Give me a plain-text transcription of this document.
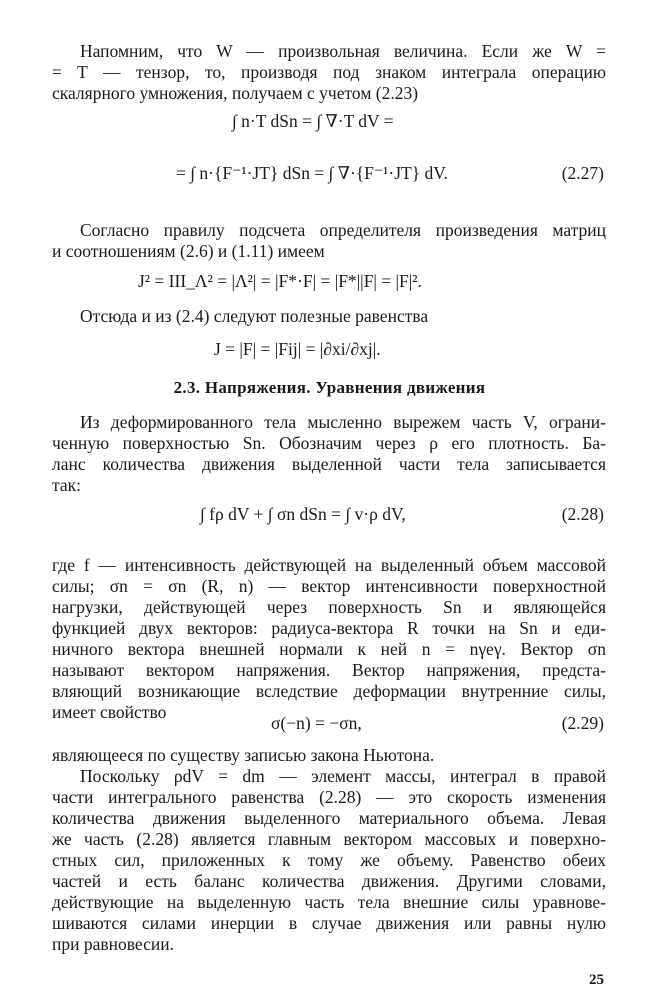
Напомним, что W — произвольная величина. Если же W =
= T — тензор, то, производя под знаком интеграла операцию
скалярного умножения, получаем с учетом (2.23)
∫ n·T dSn = ∫ ∇·T dV =
= ∫ n·{F⁻¹·JT} dSn = ∫ ∇·{F⁻¹·JT} dV.	(2.27)
Согласно правилу подсчета определителя произведения матриц
и соотношениям (2.6) и (1.11) имеем
J² = III_Λ² = |Λ²| = |F*·F| = |F*||F| = |F|².
Отсюда и из (2.4) следуют полезные равенства
J = |F| = |Fij| = |∂xi/∂xj|.
2.3. Напряжения. Уравнения движения
Из деформированного тела мысленно вырежем часть V, ограни-
ченную поверхностью Sn. Обозначим через ρ его плотность. Ба-
ланс количества движения выделенной части тела записывается
так:
∫ fρ dV + ∫ σn dSn = ∫ v·ρ dV,	(2.28)
где f — интенсивность действующей на выделенный объем массовой
силы; σn = σn (R, n) — вектор интенсивности поверхностной
нагрузки, действующей через поверхность Sn и являющейся
функцией двух векторов: радиуса-вектора R точки на Sn и еди-
ничного вектора внешней нормали к ней n = nγeγ. Вектор σn
называют вектором напряжения. Вектор напряжения, предста-
вляющий возникающие вследствие деформации внутренние силы,
имеет свойство
σ(−n) = −σn,	(2.29)
являющееся по существу записью закона Ньютона.
Поскольку ρdV = dm — элемент массы, интеграл в правой
части интегрального равенства (2.28) — это скорость изменения
количества движения выделенного материального объема. Левая
же часть (2.28) является главным вектором массовых и поверхно-
стных сил, приложенных к тому же объему. Равенство обеих
частей и есть баланс количества движения. Другими словами,
действующие на выделенную часть тела внешние силы уравнове-
шиваются силами инерции в случае движения или равны нулю
при равновесии.
25
